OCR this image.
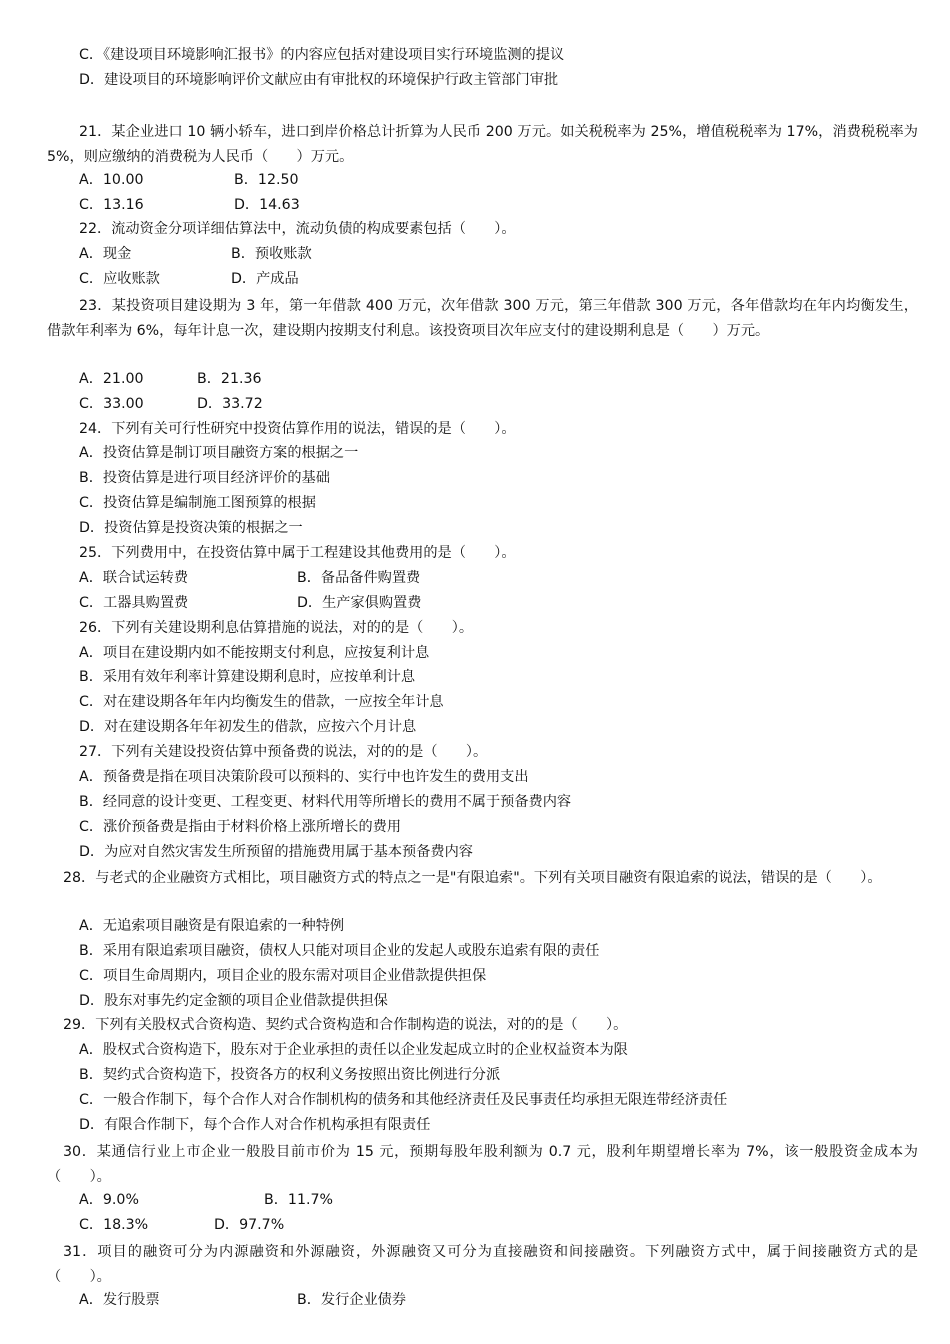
C．《建设项目环境影响汇报书》的内容应包括对建设项目实行环境监测的提议
D．建设项目的环境影响评价文献应由有审批权的环境保护行政主管部门审批
21．某企业进口 10 辆小轿车，进口到岸价格总计折算为人民币 200 万元。如关税税率为 25%，增值税税率为 17%，消费税税率为 5%，则应缴纳的消费税为人民币（　　）万元。
A．10.00	B．12.50
C．13.16	D．14.63
22．流动资金分项详细估算法中，流动负债的构成要素包括（　　）。
A．现金	B．预收账款
C．应收账款	D．产成品
23．某投资项目建设期为 3 年，第一年借款 400 万元，次年借款 300 万元，第三年借款 300 万元，各年借款均在年内均衡发生，借款年利率为 6%，每年计息一次，建设期内按期支付利息。该投资项目次年应支付的建设期利息是（　　）万元。
A．21.00	B．21.36
C．33.00	D．33.72
24．下列有关可行性研究中投资估算作用的说法，错误的是（　　）。
A．投资估算是制订项目融资方案的根据之一
B．投资估算是进行项目经济评价的基础
C．投资估算是编制施工图预算的根据
D．投资估算是投资决策的根据之一
25．下列费用中，在投资估算中属于工程建设其他费用的是（　　）。
A．联合试运转费	B．备品备件购置费
C．工器具购置费	D．生产家俱购置费
26．下列有关建设期利息估算措施的说法，对的的是（　　）。
A．项目在建设期内如不能按期支付利息，应按复利计息
B．采用有效年利率计算建设期利息时，应按单利计息
C．对在建设期各年年内均衡发生的借款，一应按全年计息
D．对在建设期各年年初发生的借款，应按六个月计息
27．下列有关建设投资估算中预备费的说法，对的的是（　　）。
A．预备费是指在项目决策阶段可以预料的、实行中也许发生的费用支出
B．经同意的设计变更、工程变更、材料代用等所增长的费用不属于预备费内容
C．涨价预备费是指由于材料价格上涨所增长的费用
D．为应对自然灾害发生所预留的措施费用属于基本预备费内容
28．与老式的企业融资方式相比，项目融资方式的特点之一是"有限追索"。下列有关项目融资有限追索的说法，错误的是（　　）。
A．无追索项目融资是有限追索的一种特例
B．采用有限追索项目融资，债权人只能对项目企业的发起人或股东追索有限的责任
C．项目生命周期内，项目企业的股东需对项目企业借款提供担保
D．股东对事先约定金额的项目企业借款提供担保
29．下列有关股权式合资构造、契约式合资构造和合作制构造的说法，对的的是（　　）。
A．股权式合资构造下，股东对于企业承担的责任以企业发起成立时的企业权益资本为限
B．契约式合资构造下，投资各方的权利义务按照出资比例进行分派
C．一般合作制下，每个合作人对合作制机构的债务和其他经济责任及民事责任均承担无限连带经济责任
D．有限合作制下，每个合作人对合作机构承担有限责任
30．某通信行业上市企业一般股目前市价为 15 元，预期每股年股利额为 0.7 元，股利年期望增长率为 7%，该一般股资金成本为（　　）。
A．9.0%	B．11.7%
C．18.3%	D．97.7%
31．项目的融资可分为内源融资和外源融资，外源融资又可分为直接融资和间接融资。下列融资方式中，属于间接融资方式的是（　　）。
A．发行股票	B．发行企业债券
